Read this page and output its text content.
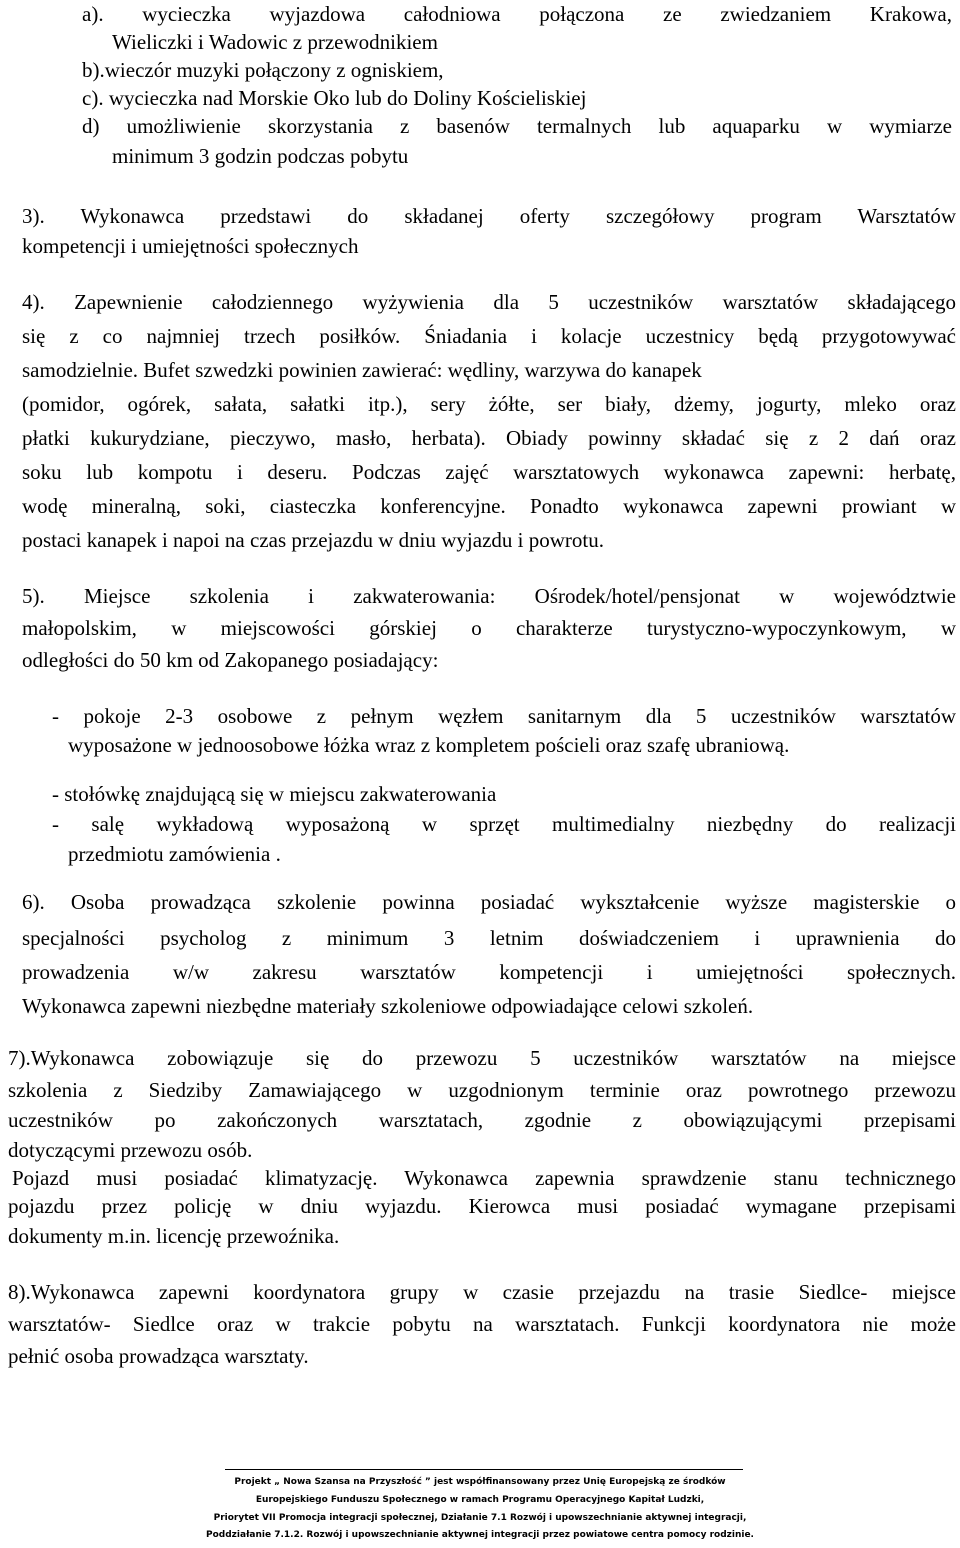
a). wycieczka wyjazdowa całodniowa połączona ze zwiedzaniem Krakowa,
Wieliczki i Wadowic z przewodnikiem
b).wieczór muzyki połączony z ogniskiem,
c). wycieczka nad Morskie Oko lub do Doliny Kościeliskiej
d) umożliwienie skorzystania z basenów termalnych lub aquaparku w wymiarze
minimum 3 godzin podczas pobytu
3). Wykonawca przedstawi do składanej oferty szczegółowy program Warsztatów
kompetencji i umiejętności społecznych
4). Zapewnienie całodziennego wyżywienia dla 5 uczestników warsztatów składającego
się z co najmniej trzech posiłków. Śniadania i kolacje uczestnicy będą przygotowywać
samodzielnie. Bufet szwedzki powinien zawierać: wędliny, warzywa do kanapek
(pomidor, ogórek, sałata, sałatki itp.), sery żółte, ser biały, dżemy, jogurty, mleko oraz
płatki kukurydziane, pieczywo, masło, herbata). Obiady powinny składać się z 2 dań oraz
soku lub kompotu i deseru. Podczas zajęć warsztatowych wykonawca zapewni: herbatę,
wodę mineralną, soki, ciasteczka konferencyjne. Ponadto wykonawca zapewni prowiant w
postaci kanapek i napoi na czas przejazdu w dniu wyjazdu i powrotu.
5). Miejsce szkolenia i zakwaterowania: Ośrodek/hotel/pensjonat w województwie
małopolskim, w miejscowości górskiej o charakterze turystyczno-wypoczynkowym, w
odległości do 50 km od Zakopanego posiadający:
- pokoje 2-3 osobowe z pełnym węzłem sanitarnym dla 5 uczestników warsztatów
wyposażone w jednoosobowe łóżka wraz z kompletem pościeli oraz szafę ubraniową.
- stołówkę znajdującą się w miejscu zakwaterowania
- salę wykładową wyposażoną w sprzęt multimedialny niezbędny do realizacji
przedmiotu zamówienia .
6). Osoba prowadząca szkolenie powinna posiadać wykształcenie wyższe magisterskie o
specjalności psycholog z minimum 3 letnim doświadczeniem i uprawnienia do
prowadzenia w/w zakresu warsztatów kompetencji i umiejętności społecznych.
Wykonawca zapewni niezbędne materiały szkoleniowe odpowiadające celowi szkoleń.
7).Wykonawca zobowiązuje się do przewozu 5 uczestników warsztatów na miejsce
szkolenia z Siedziby Zamawiającego w uzgodnionym terminie oraz powrotnego przewozu
uczestników po zakończonych warsztatach, zgodnie z obowiązującymi przepisami
dotyczącymi przewozu osób.
Pojazd musi posiadać klimatyzację. Wykonawca zapewnia sprawdzenie stanu technicznego
pojazdu przez policję w dniu wyjazdu. Kierowca musi posiadać wymagane przepisami
dokumenty m.in. licencję przewoźnika.
8).Wykonawca zapewni koordynatora grupy w czasie przejazdu na trasie Siedlce- miejsce
warsztatów- Siedlce oraz w trakcie pobytu na warsztatach. Funkcji koordynatora nie może
pełnić osoba prowadząca warsztaty.
Projekt „ Nowa Szansa na Przyszłość ” jest współfinansowany przez Unię Europejską ze środków
Europejskiego Funduszu Społecznego w ramach Programu Operacyjnego Kapitał Ludzki,
Priorytet VII Promocja integracji społecznej, Działanie 7.1 Rozwój i upowszechnianie aktywnej integracji,
Poddziałanie 7.1.2. Rozwój i upowszechnianie aktywnej integracji przez powiatowe centra pomocy rodzinie.
